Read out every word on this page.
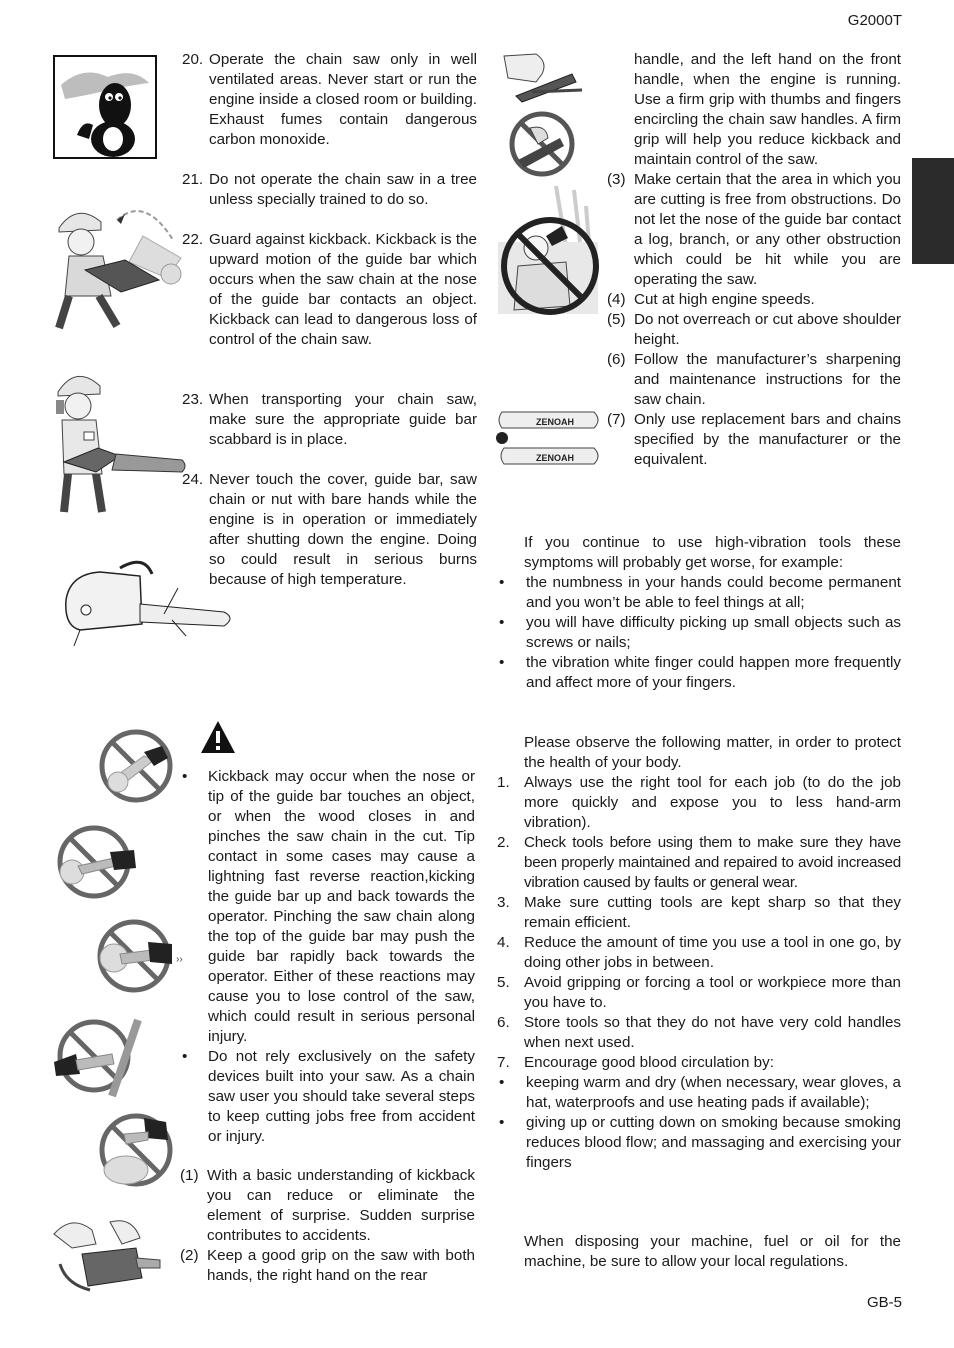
G2000T
GB-5
››
ZENOAH
ZENOAH
20. Operate the chain saw only in well ventilated areas. Never start or run the engine inside a closed room or building. Exhaust fumes contain dangerous carbon monoxide.
21. Do not operate the chain saw in a tree unless specially trained to do so.
22. Guard against kickback. Kickback is the upward motion of the guide bar which occurs when the saw chain at the nose of the guide bar contacts an object. Kickback can lead to dangerous loss of control of the chain saw.
23. When transporting your chain saw, make sure the appropriate guide bar scabbard is in place.
24. Never touch the cover, guide bar, saw chain or nut with bare hands while the engine is in operation or immediately after shutting down the engine. Doing so could result in serious burns because of high temperature.
•	Kickback may occur when the nose or tip of the guide bar touches an object, or when the wood closes in and pinches the saw chain in the cut. Tip contact in some cases may cause a lightning fast reverse reaction,kicking the guide bar up and back towards the operator. Pinching the saw chain along the top of the guide bar may push the guide bar rapidly back towards the operator. Either of these reactions may cause you to lose control of the saw, which could result in serious personal injury.
•	Do not rely exclusively on the safety devices built into your saw. As a chain saw user you should take several steps to keep cutting jobs free from accident or injury.
(1) With a basic understanding of kickback you can reduce or eliminate the element of surprise. Sudden surprise contributes to accidents.
(2) Keep a good grip on the saw with both hands, the right hand on the rear
handle, and the left hand on the front handle, when the engine is running. Use a firm grip with thumbs and fingers encircling the chain saw handles. A firm grip will help you reduce kickback and maintain control of the saw.
(3) Make certain that the area in which you are cutting is free from obstructions. Do not let the nose of the guide bar contact a log, branch, or any other obstruction which could be hit while you are operating the saw.
(4) Cut at high engine speeds.
(5) Do not overreach or cut above shoulder height.
(6) Follow the manufacturer’s sharpening and maintenance instructions for the saw chain.
(7) Only use replacement bars and chains specified by the manufacturer or the equivalent.
If you continue to use high-vibration tools these symptoms will probably get worse, for example:
•	the numbness in your hands could become permanent and you won’t be able to feel things at all;
•	you will have difficulty picking up small objects such as screws or nails;
•	the vibration white finger could happen more frequently and affect more of your fingers.
Please observe the following matter, in order to protect the health of your body.
1. Always use the right tool for each job (to do the job more quickly and expose you to less hand-arm vibration).
2. Check tools before using them to make sure they have been properly maintained and repaired to avoid increased vibration caused by faults or general wear.
3. Make sure cutting tools are kept sharp so that they remain efficient.
4. Reduce the amount of time you use a tool in one go, by doing other jobs in between.
5. Avoid gripping or forcing a tool or workpiece more than you have to.
6. Store tools so that they do not have very cold handles when next used.
7. Encourage good blood circulation by:
•	keeping warm and dry (when necessary, wear gloves, a hat, waterproofs and use heating pads if available);
•	giving up or cutting down on smoking because smoking reduces blood flow; and massaging and exercising your fingers
When disposing your machine, fuel or oil for the machine, be sure to allow your local regulations.
